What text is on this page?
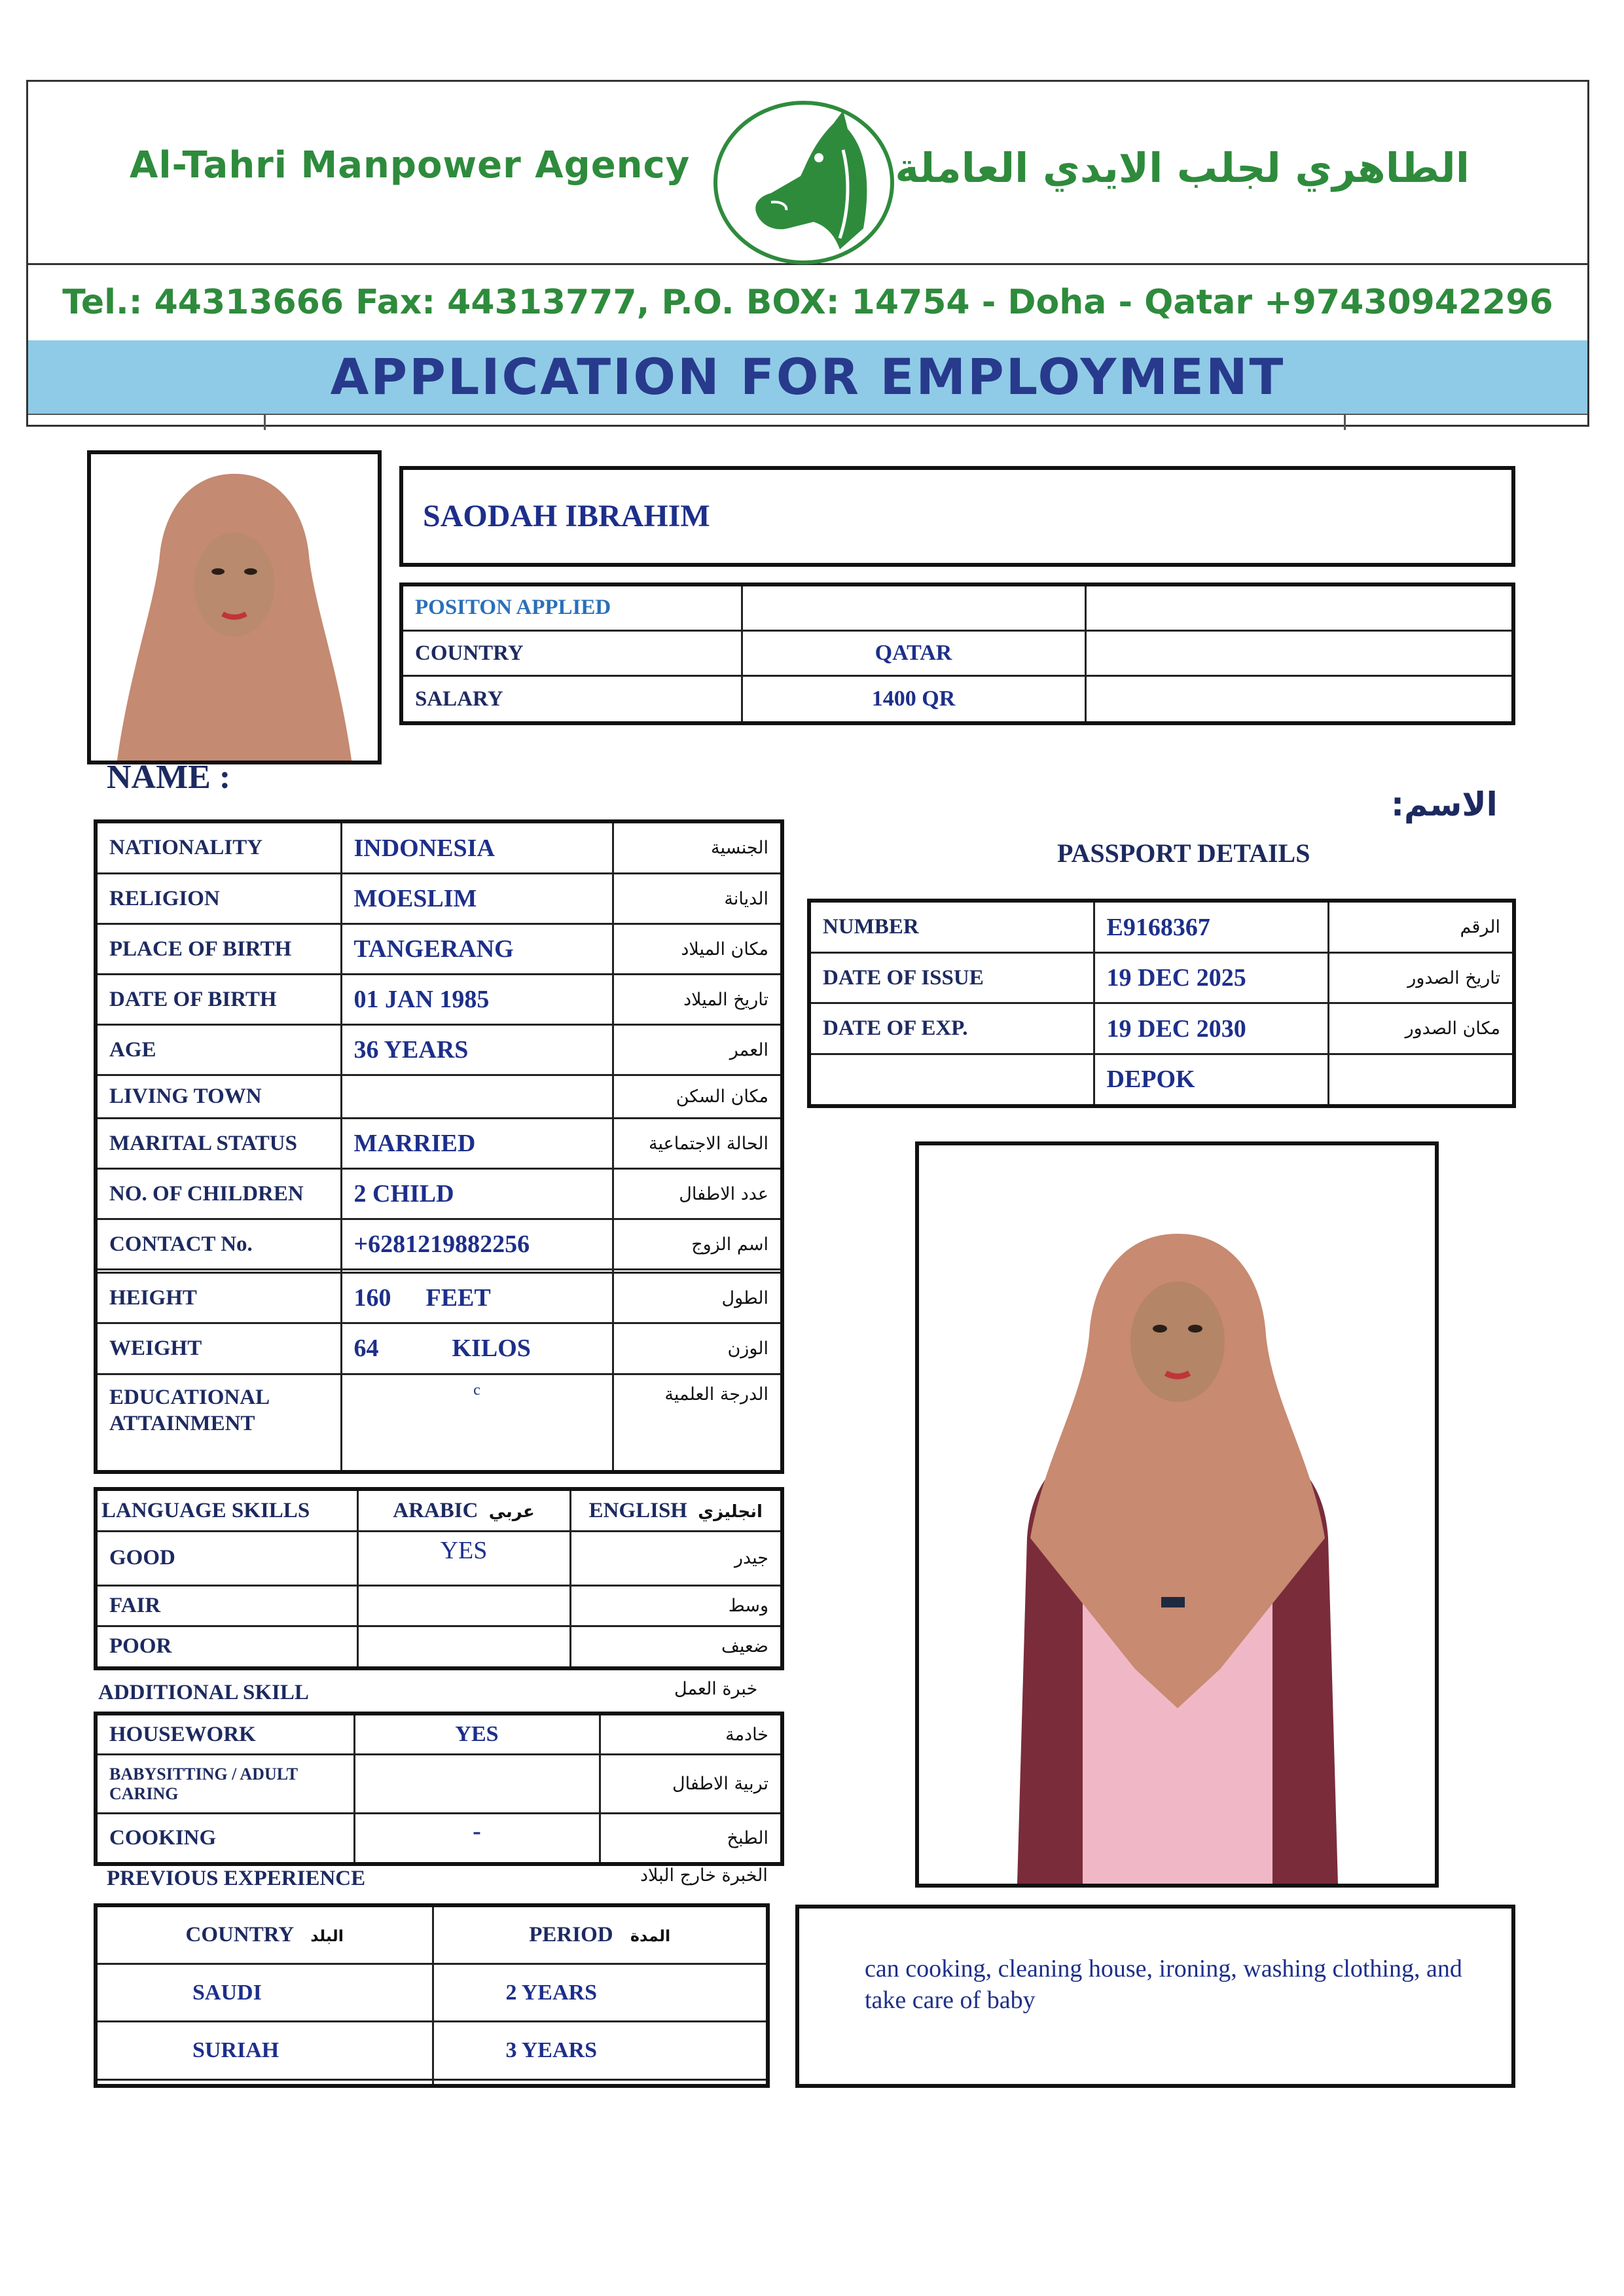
Al-Tahri Manpower Agency	الطاهري لجلب الايدي العاملة
Tel.: 44313666 Fax: 44313777, P.O. BOX: 14754 - Doha - Qatar +97430942296
APPLICATION FOR EMPLOYMENT
SAODAH IBRAHIM
POSITON APPLIED		
COUNTRY	QATAR	
SALARY	1400 QR	
NAME :
الاسم:
PASSPORT DETAILS
NATIONALITY	INDONESIA	الجنسية
RELIGION	MOESLIM	الديانة
PLACE OF BIRTH	TANGERANG	مكان الميلاد
DATE OF BIRTH	01 JAN 1985	تاريخ الميلاد
AGE	36 YEARS	العمر
LIVING TOWN		مكان السكن
MARITAL STATUS	MARRIED	الحالة الاجتماعية
NO. OF CHILDREN	2 CHILD	عدد الاطفال
CONTACT No.	+6281219882256	اسم الزوج

HEIGHT	160 FEET	الطول
WEIGHT	64 KILOS	الوزن

EDUCATIONAL
ATTAINMENT	c	الدرجة العلمية
NUMBER	E9168367	الرقم
DATE OF ISSUE	19 DEC 2025	تاريخ الصدور
DATE OF EXP.	19 DEC 2030	مكان الصدور
	DEPOK	
LANGUAGE SKILLS	ARABIC عربي	ENGLISH انجليزي
GOOD	YES	جيدر
FAIR		وسط
POOR		ضعيف
ADDITIONAL SKILL	خبرة العمل
HOUSEWORK	YES	خادمة
BABYSITTING / ADULT CARING		تربية الاطفال
COOKING	-	الطبخ
PREVIOUS EXPERIENCE	الخبرة خارج البلاد
COUNTRY البلد	PERIOD المدة
SAUDI	2 YEARS
SURIAH	3 YEARS

can cooking, cleaning house, ironing, washing clothing, and take care of baby
